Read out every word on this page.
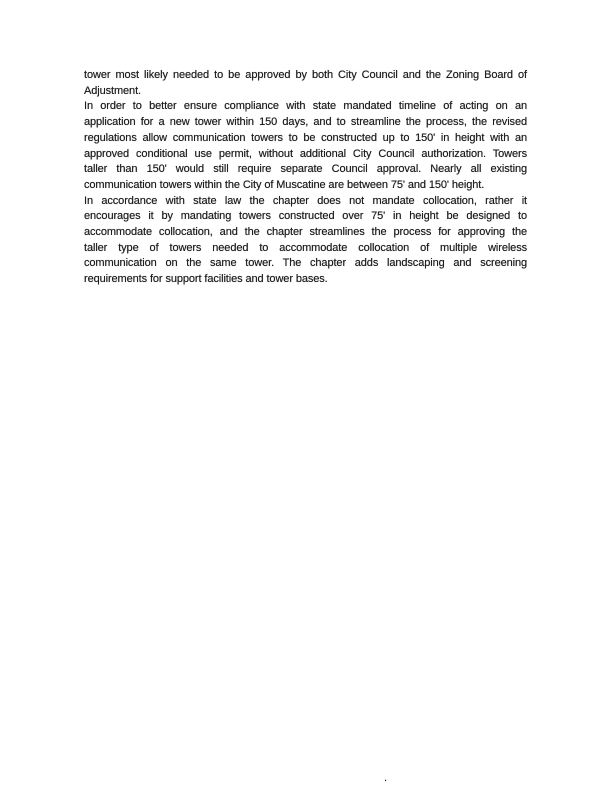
tower most likely needed to be approved by both City Council and the Zoning Board of
Adjustment.

In order to better ensure compliance with state mandated timeline of acting on an
application for a new tower within 150 days, and to streamline the process, the revised
regulations allow communication towers to be constructed up to 150' in height with an
approved conditional use permit, without additional City Council authorization. Towers
taller than 150' would still require separate Council approval. Nearly all existing
communication towers within the City of Muscatine are between 75' and 150' height.

In accordance with state law the chapter does not mandate collocation, rather it
encourages it by mandating towers constructed over 75' in height be designed to
accommodate collocation, and the chapter streamlines the process for approving the
taller type of towers needed to accommodate collocation of multiple wireless
communication on the same tower. The chapter adds landscaping and screening
requirements for support facilities and tower bases.

.
